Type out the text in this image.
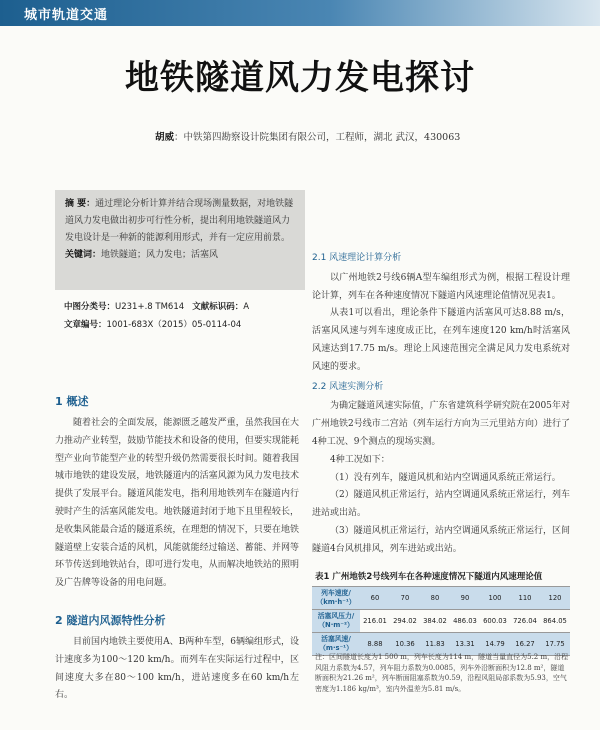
城市轨道交通
地铁隧道风力发电探讨
胡威：中铁第四勘察设计院集团有限公司，工程师，湖北 武汉，430063
摘 要：通过理论分析计算并结合现场测量数据，对地铁隧道风力发电做出初步可行性分析，提出利用地铁隧道风力发电设计是一种新的能源利用形式，并有一定应用前景。
关键词：地铁隧道；风力发电；活塞风
中图分类号：U231+.8 TM614 文献标识码：A
文章编号：1001-683X（2015）05-0114-04
1 概述

随着社会的全面发展，能源匮乏越发严重，虽然我国在大力推动产业转型，鼓励节能技术和设备的使用，但要实现能耗型产业向节能型产业的转型升级仍然需要很长时间。随着我国城市地铁的建设发展，地铁隧道内的活塞风源为风力发电技术提供了发展平台。隧道风能发电，指利用地铁列车在隧道内行驶时产生的活塞风能发电。地铁隧道封闭于地下且里程较长，是收集风能最合适的隧道系统，在理想的情况下，只要在地铁隧道壁上安装合适的风机，风能就能经过输送、蓄能、并网等环节传送到地铁站台，即可进行发电，从而解决地铁站的照明及广告牌等设备的用电问题。

2 隧道内风源特性分析

目前国内地铁主要使用A、B两种车型，6辆编组形式，设计速度多为100～120 km/h。而列车在实际运行过程中，区间速度大多在80～100 km/h，进站速度多在60 km/h左右。

2.1 风速理论计算分析

以广州地铁2号线6辆A型车编组形式为例，根据工程设计理论计算，列车在各种速度情况下隧道内风速理论值情况见表1。

从表1可以看出，理论条件下隧道内活塞风可达8.88 m/s，活塞风风速与列车速度成正比，在列车速度120 km/h时活塞风风速达到17.75 m/s。理论上风速范围完全满足风力发电系统对风速的要求。

2.2 风速实测分析

为确定隧道风速实际值，广东省建筑科学研究院在2005年对广州地铁2号线市二宫站（列车运行方向为三元里站方向）进行了4种工况、9个测点的现场实测。

4种工况如下：

（1）没有列车，隧道风机和站内空调通风系统正常运行。

（2）隧道风机正常运行，站内空调通风系统正常运行，列车进站或出站。

（3）隧道风机正常运行，站内空调通风系统正常运行，区间隧道4台风机排风，列车进站或出站。

表1 广州地铁2号线列车在各种速度情况下隧道内风速理论值
列车速度/
（km·h⁻¹）	60	70	80	90	100	110	120
活塞风压力/
（N·m⁻²）	216.01	294.02	384.02	486.03	600.03	726.04	864.05
活塞风速/
（m·s⁻¹）	8.88	10.36	11.83	13.31	14.79	16.27	17.75
注：区间隧道长度为1 500 m，列车长度为114 m，隧道当量直径为5.2 m，沿程风阻力系数为4.57，列车阻力系数为0.0085，列车外沿断面积为12.8 m²，隧道断面积为21.26 m²，列车断面阻塞系数为0.59，沿程风阻局部系数为5.93，空气密度为1.186 kg/m³，室内外温差为5.81 m/s。
